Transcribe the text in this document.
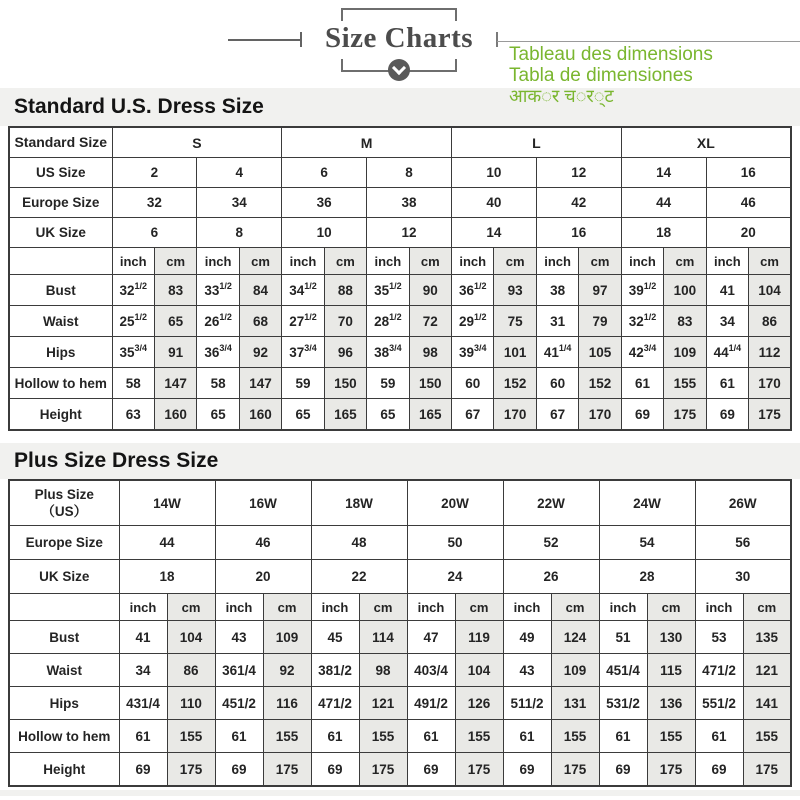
Size Charts
Tableau des dimensions
Tabla de dimensiones
आक◌र च◌र◌्ट
Standard U.S. Dress Size
Standard Size	S				M				L				XL			
US Size	2		4		6		8		10		12		14		16	
Europe Size	32		34		36		38		40		42		44		46	
UK Size	6		8		10		12		14		16		18		20	
	inch	cm	inch	cm	inch	cm	inch	cm	inch	cm	inch	cm	inch	cm	inch	cm
Bust	$32^{1/2}$	83	$33^{1/2}$	84	$34^{1/2}$	88	$35^{1/2}$	90	$36^{1/2}$	93	38	97	$39^{1/2}$	100	41	104
Waist	$25^{1/2}$	65	$26^{1/2}$	68	$27^{1/2}$	70	$28^{1/2}$	72	$29^{1/2}$	75	31	79	$32^{1/2}$	83	34	86
Hips	$35^{3/4}$	91	$36^{3/4}$	92	$37^{3/4}$	96	$38^{3/4}$	98	$39^{3/4}$	101	$41^{1/4}$	105	$42^{3/4}$	109	$44^{1/4}$	112
Hollow to hem	58	147	58	147	59	150	59	150	60	152	60	152	61	155	61	170
Height	63	160	65	160	65	165	65	165	67	170	67	170	69	175	69	175
Plus Size Dress Size
Plus Size
（US）	14W		16W		18W		20W		22W		24W		26W	
Europe Size	44		46		48		50		52		54		56	
UK Size	18		20		22		24		26		28		30	
	inch	cm	inch	cm	inch	cm	inch	cm	inch	cm	inch	cm	inch	cm
Bust	41	104	43	109	45	114	47	119	49	124	51	130	53	135
Waist	34	86	361/4	92	381/2	98	403/4	104	43	109	451/4	115	471/2	121
Hips	431/4	110	451/2	116	471/2	121	491/2	126	511/2	131	531/2	136	551/2	141
Hollow to hem	61	155	61	155	61	155	61	155	61	155	61	155	61	155
Height	69	175	69	175	69	175	69	175	69	175	69	175	69	175
